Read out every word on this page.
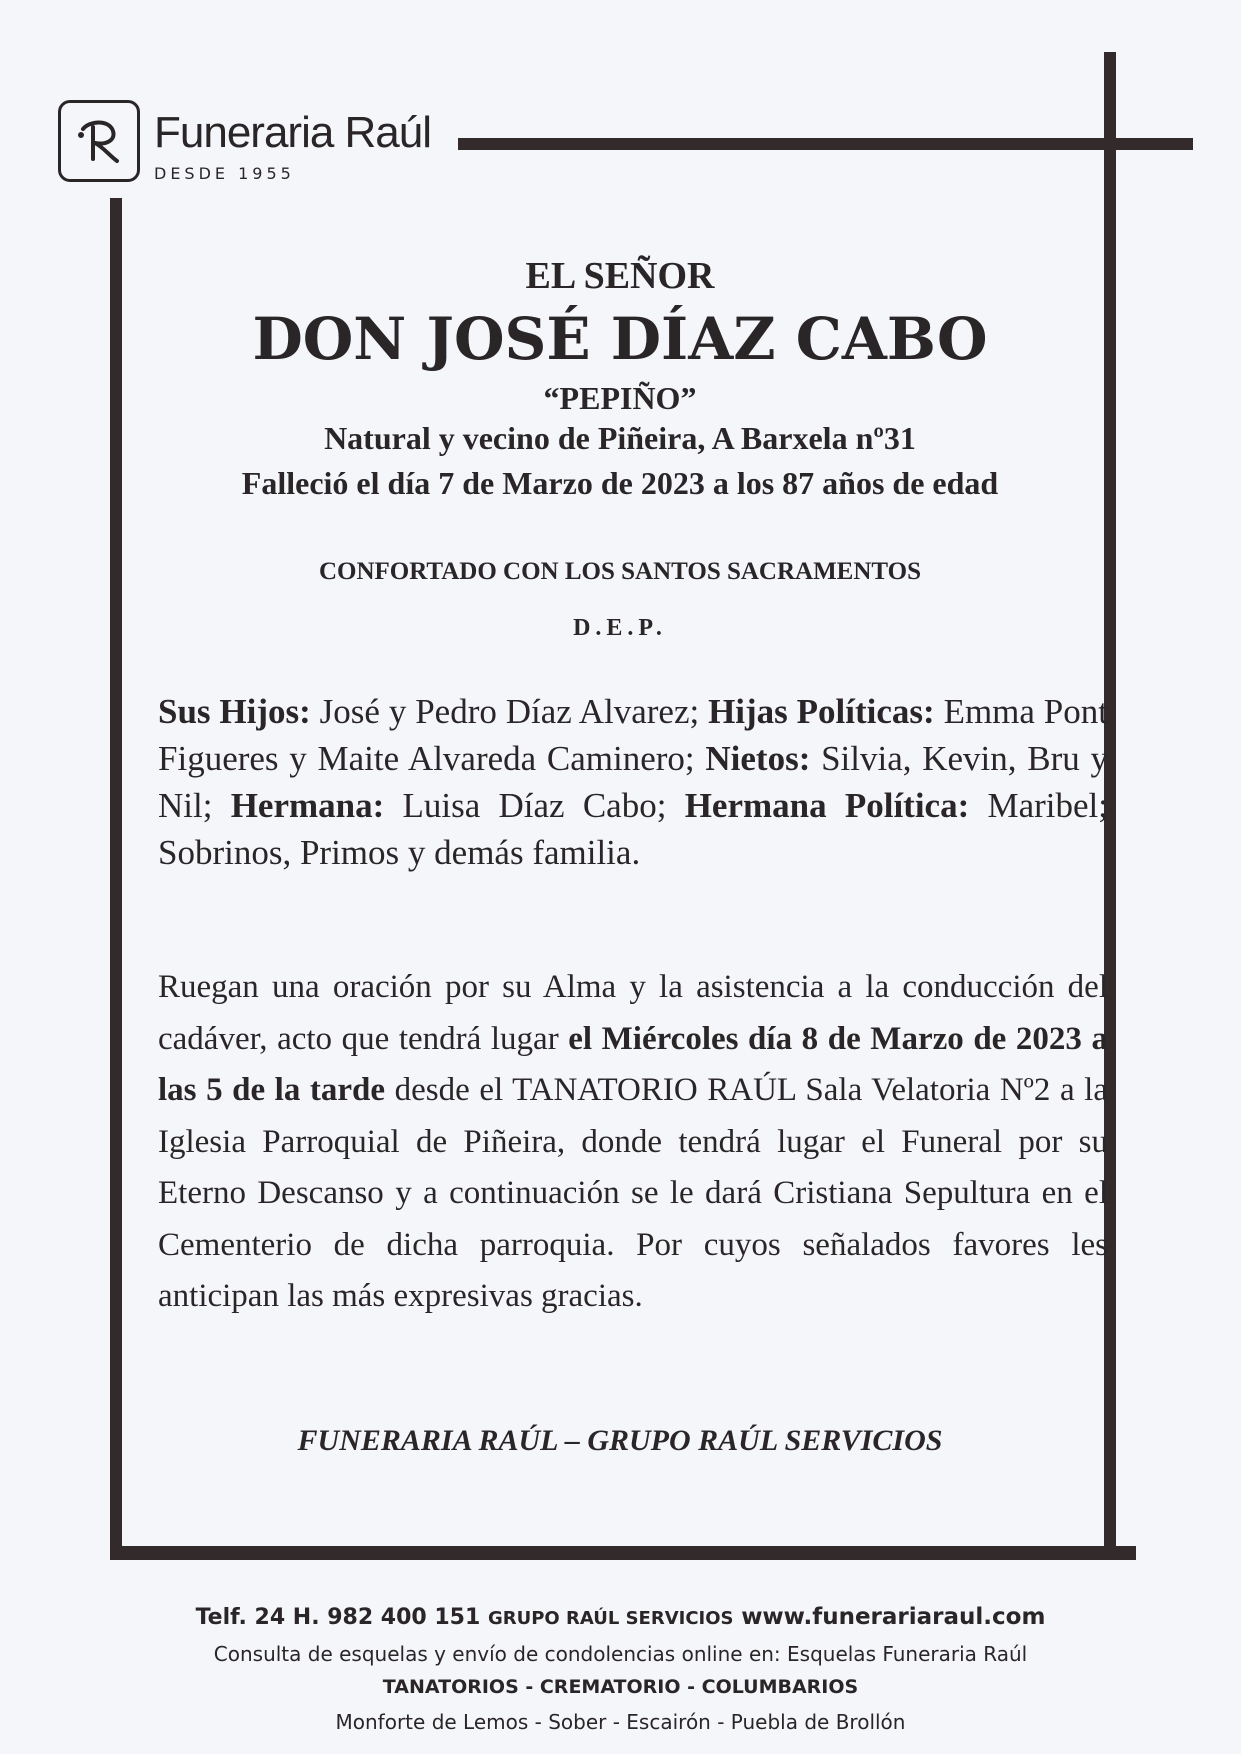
Funeraria Raúl
DESDE 1955
EL SEÑOR
DON JOSÉ DÍAZ CABO
“PEPIÑO”
Natural y vecino de Piñeira, A Barxela nº31
Falleció el día 7 de Marzo de 2023 a los 87 años de edad
CONFORTADO CON LOS SANTOS SACRAMENTOS
D.E.P.
Sus Hijos: José y Pedro Díaz Alvarez; Hijas Políticas: Emma Pont Figueres y Maite Alvareda Caminero; Nietos: Silvia, Kevin, Bru y Nil; Hermana: Luisa Díaz Cabo; Hermana Política: Maribel; Sobrinos, Primos y demás familia.
Ruegan una oración por su Alma y la asistencia a la conducción del cadáver, acto que tendrá lugar el Miércoles día 8 de Marzo de 2023 a las 5 de la tarde desde el TANATORIO RAÚL Sala Velatoria Nº2 a la Iglesia Parroquial de Piñeira, donde tendrá lugar el Funeral por su Eterno Descanso y a continuación se le dará Cristiana Sepultura en el Cementerio de dicha parroquia. Por cuyos señalados favores les anticipan las más expresivas gracias.
FUNERARIA RAÚL – GRUPO RAÚL SERVICIOS
Telf. 24 H. 982 400 151 GRUPO RAÚL SERVICIOS www.funerariaraul.com
Consulta de esquelas y envío de condolencias online en: Esquelas Funeraria Raúl
TANATORIOS - CREMATORIO - COLUMBARIOS
Monforte de Lemos - Sober - Escairón - Puebla de Brollón
